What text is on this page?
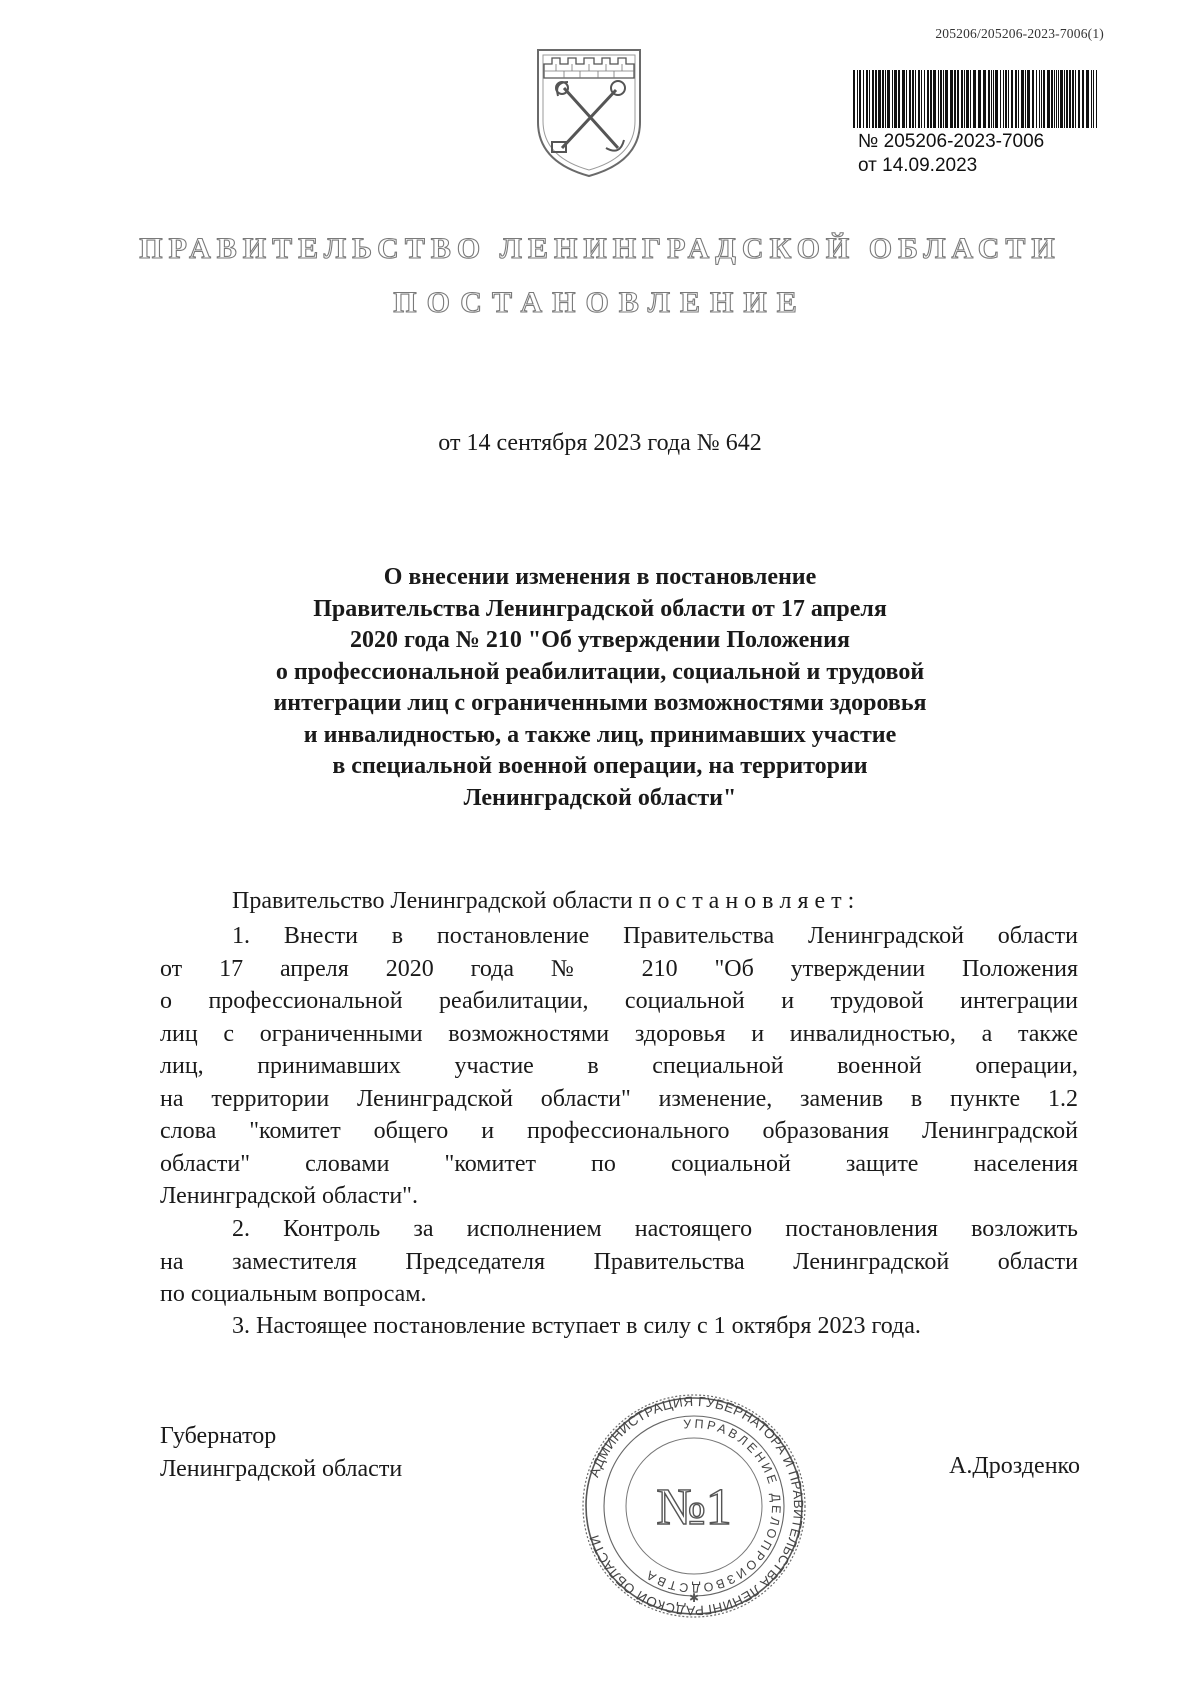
205206/205206-2023-7006(1)
№ 205206-2023-7006
от 14.09.2023
ПРАВИТЕЛЬСТВО ЛЕНИНГРАДСКОЙ ОБЛАСТИ
ПОСТАНОВЛЕНИЕ
от 14 сентября 2023 года № 642
О внесении изменения в постановление
Правительства Ленинградской области от 17 апреля
2020 года № 210 "Об утверждении Положения
о профессиональной реабилитации, социальной и трудовой
интеграции лиц с ограниченными возможностями здоровья
и инвалидностью, а также лиц, принимавших участие
в специальной военной операции, на территории
Ленинградской области"
Правительство Ленинградской области п о с т а н о в л я е т :
1. Внести в постановление Правительства Ленинградской области
от 17 апреля 2020 года № 210 "Об утверждении Положения
о профессиональной реабилитации, социальной и трудовой интеграции
лиц с ограниченными возможностями здоровья и инвалидностью, а также
лиц, принимавших участие в специальной военной операции,
на территории Ленинградской области" изменение, заменив в пункте 1.2
слова "комитет общего и профессионального образования Ленинградской
области" словами "комитет по социальной защите населения
Ленинградской области".
2. Контроль за исполнением настоящего постановления возложить
на заместителя Председателя Правительства Ленинградской области
по социальным вопросам.
3. Настоящее постановление вступает в силу с 1 октября 2023 года.
Губернатор
Ленинградской области	А.Дрозденко
АДМИНИСТРАЦИЯ ГУБЕРНАТОРА И ПРАВИТЕЛЬСТВА ЛЕНИНГРАДСКОЙ ОБЛАСТИ
УПРАВЛЕНИЕ ДЕЛОПРОИЗВОДСТВА
№1
✱
